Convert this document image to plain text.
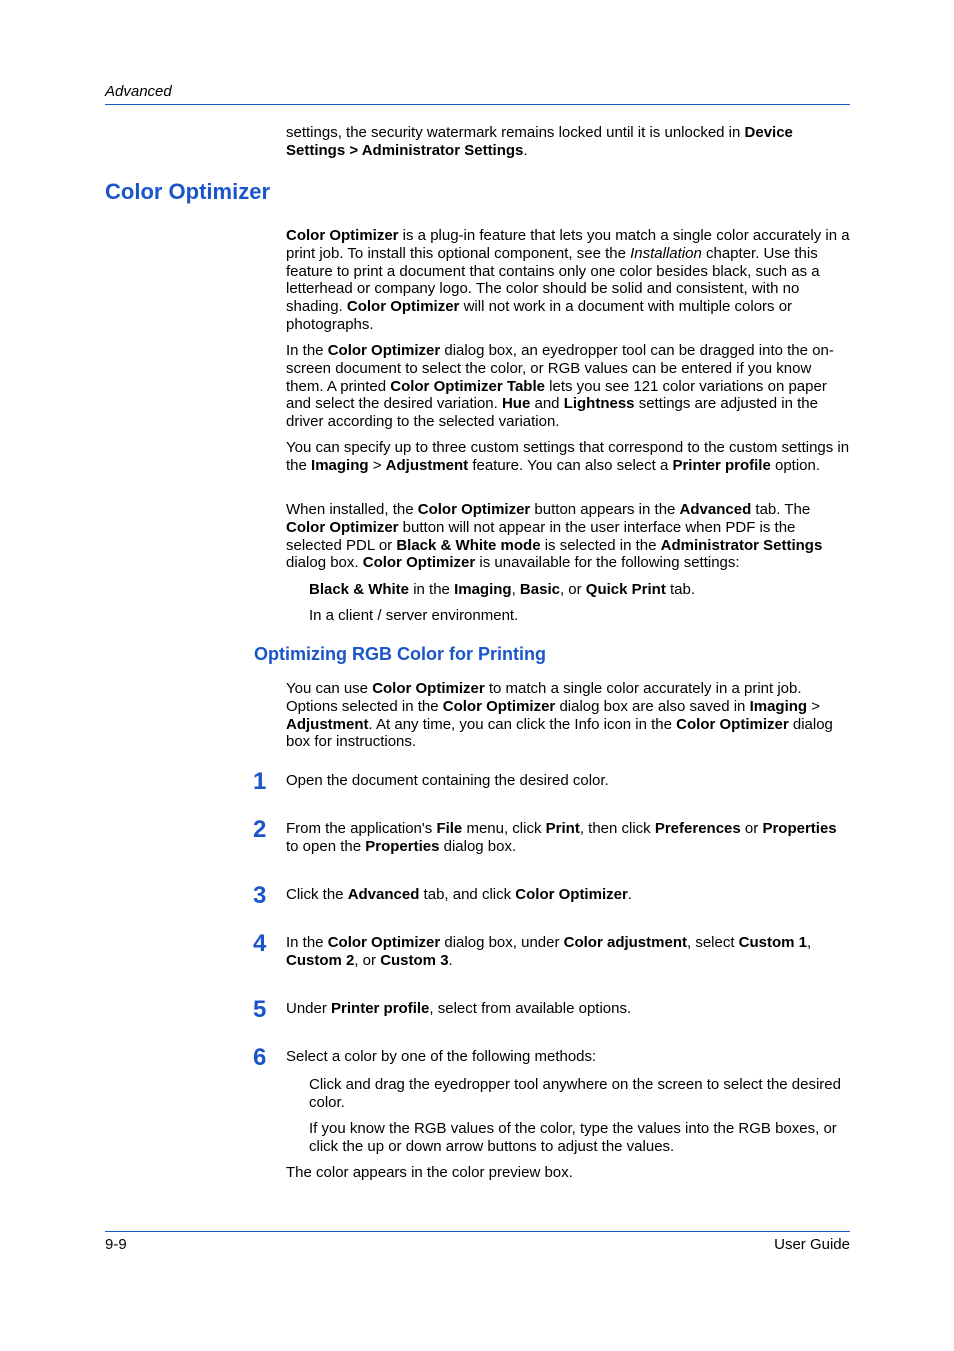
Advanced

settings, the security watermark remains locked until it is unlocked in Device Settings > Administrator Settings.

Color Optimizer

Color Optimizer is a plug-in feature that lets you match a single color accurately in a print job. To install this optional component, see the Installation chapter. Use this feature to print a document that contains only one color besides black, such as a letterhead or company logo. The color should be solid and consistent, with no shading. Color Optimizer will not work in a document with multiple colors or photographs.

In the Color Optimizer dialog box, an eyedropper tool can be dragged into the on-screen document to select the color, or RGB values can be entered if you know them. A printed Color Optimizer Table lets you see 121 color variations on paper and select the desired variation. Hue and Lightness settings are adjusted in the driver according to the selected variation.

You can specify up to three custom settings that correspond to the custom settings in the Imaging > Adjustment feature. You can also select a Printer profile option.

When installed, the Color Optimizer button appears in the Advanced tab. The Color Optimizer button will not appear in the user interface when PDF is the selected PDL or Black & White mode is selected in the Administrator Settings dialog box. Color Optimizer is unavailable for the following settings:

Black & White in the Imaging, Basic, or Quick Print tab.

In a client / server environment.

Optimizing RGB Color for Printing

You can use Color Optimizer to match a single color accurately in a print job. Options selected in the Color Optimizer dialog box are also saved in Imaging > Adjustment. At any time, you can click the Info icon in the Color Optimizer dialog box for instructions.

1 Open the document containing the desired color.

2 From the application's File menu, click Print, then click Preferences or Properties to open the Properties dialog box.

3 Click the Advanced tab, and click Color Optimizer.

4 In the Color Optimizer dialog box, under Color adjustment, select Custom 1, Custom 2, or Custom 3.

5 Under Printer profile, select from available options.

6 Select a color by one of the following methods:

Click and drag the eyedropper tool anywhere on the screen to select the desired color.

If you know the RGB values of the color, type the values into the RGB boxes, or click the up or down arrow buttons to adjust the values.

The color appears in the color preview box.

9-9	User Guide
